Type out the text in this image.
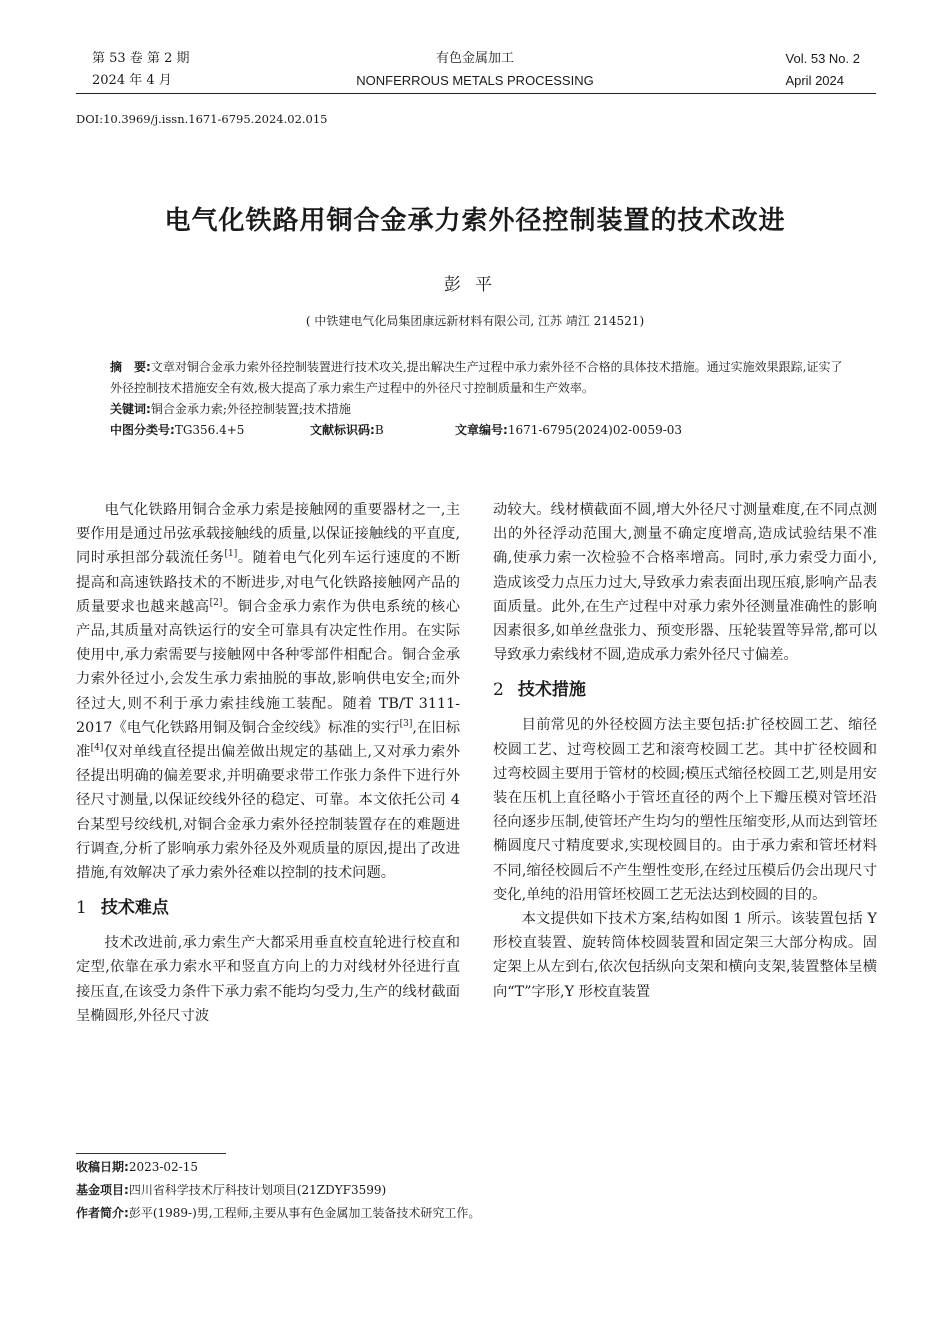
第 53 卷 第 2 期
2024 年 4 月
有色金属加工
NONFERROUS METALS PROCESSING
Vol. 53 No. 2
April 2024
DOI:10.3969/j.issn.1671-6795.2024.02.015
电气化铁路用铜合金承力索外径控制装置的技术改进
彭平
( 中铁建电气化局集团康远新材料有限公司, 江苏 靖江 214521)
摘　要:文章对铜合金承力索外径控制装置进行技术攻关,提出解决生产过程中承力索外径不合格的具体技术措施。通过实施效果跟踪,证实了外径控制技术措施安全有效,极大提高了承力索生产过程中的外径尺寸控制质量和生产效率。
关键词:铜合金承力索;外径控制装置;技术措施
中图分类号:TG356.4+5	文献标识码:B	文章编号:1671-6795(2024)02-0059-03

电气化铁路用铜合金承力索是接触网的重要器材之一,主要作用是通过吊弦承载接触线的质量,以保证接触线的平直度,同时承担部分载流任务[1]。随着电气化列车运行速度的不断提高和高速铁路技术的不断进步,对电气化铁路接触网产品的质量要求也越来越高[2]。铜合金承力索作为供电系统的核心产品,其质量对高铁运行的安全可靠具有决定性作用。在实际使用中,承力索需要与接触网中各种零部件相配合。铜合金承力索外径过小,会发生承力索抽脱的事故,影响供电安全;而外径过大,则不利于承力索挂线施工装配。随着 TB/T 3111-2017《电气化铁路用铜及铜合金绞线》标准的实行[3],在旧标准[4]仅对单线直径提出偏差做出规定的基础上,又对承力索外径提出明确的偏差要求,并明确要求带工作张力条件下进行外径尺寸测量,以保证绞线外径的稳定、可靠。本文依托公司 4 台某型号绞线机,对铜合金承力索外径控制装置存在的难题进行调查,分析了影响承力索外径及外观质量的原因,提出了改进措施,有效解决了承力索外径难以控制的技术问题。

1 技术难点

技术改进前,承力索生产大都采用垂直校直轮进行校直和定型,依靠在承力索水平和竖直方向上的力对线材外径进行直接压直,在该受力条件下承力索不能均匀受力,生产的线材截面呈椭圆形,外径尺寸波

动较大。线材横截面不圆,增大外径尺寸测量难度,在不同点测出的外径浮动范围大,测量不确定度增高,造成试验结果不准确,使承力索一次检验不合格率增高。同时,承力索受力面小,造成该受力点压力过大,导致承力索表面出现压痕,影响产品表面质量。此外,在生产过程中对承力索外径测量准确性的影响因素很多,如单丝盘张力、预变形器、压轮装置等异常,都可以导致承力索线材不圆,造成承力索外径尺寸偏差。

2 技术措施

目前常见的外径校圆方法主要包括:扩径校圆工艺、缩径校圆工艺、过弯校圆工艺和滚弯校圆工艺。其中扩径校圆和过弯校圆主要用于管材的校圆;模压式缩径校圆工艺,则是用安装在压机上直径略小于管坯直径的两个上下瓣压模对管坯沿径向逐步压制,使管坯产生均匀的塑性压缩变形,从而达到管坯椭圆度尺寸精度要求,实现校圆目的。由于承力索和管坯材料不同,缩径校圆后不产生塑性变形,在经过压模后仍会出现尺寸变化,单纯的沿用管坯校圆工艺无法达到校圆的目的。

本文提供如下技术方案,结构如图 1 所示。该装置包括 Y 形校直装置、旋转筒体校圆装置和固定架三大部分构成。固定架上从左到右,依次包括纵向支架和横向支架,装置整体呈横向“T”字形,Y 形校直装置

收稿日期:2023-02-15
基金项目:四川省科学技术厅科技计划项目(21ZDYF3599)
作者简介:彭平(1989-)男,工程师,主要从事有色金属加工装备技术研究工作。
